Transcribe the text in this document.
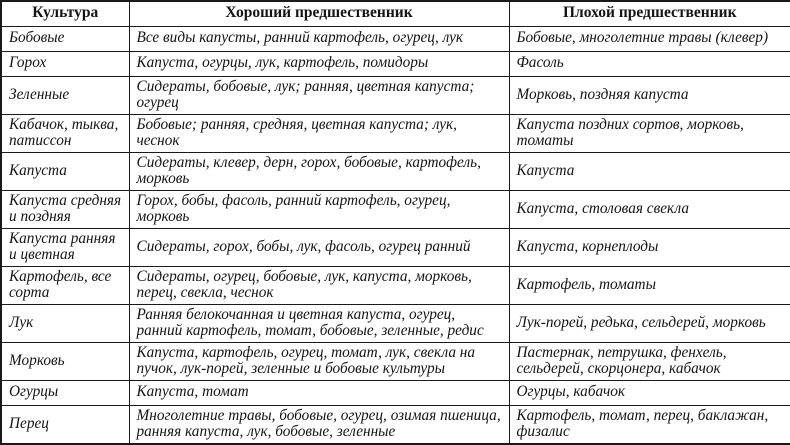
Культура	Хороший предшественник	Плохой предшественник
Бобовые	Все виды капусты, ранний картофель, огурец, лук	Бобовые, многолетние травы (клевер)
Горох	Капуста, огурцы, лук, картофель, помидоры	Фасоль
Зеленные	Сидераты, бобовые, лук; ранняя, цветная капуста; огурец	Морковь, поздняя капуста
Кабачок, тыква, патиссон	Бобовые; ранняя, средняя, цветная капуста; лук, чеснок	Капуста поздних сортов, морковь, томаты
Капуста	Сидераты, клевер, дерн, горох, бобовые, картофель, морковь	Капуста
Капуста средняя и поздняя	Горох, бобы, фасоль, ранний картофель, огурец, морковь	Капуста, столовая свекла
Капуста ранняя и цветная	Сидераты, горох, бобы, лук, фасоль, огурец ранний	Капуста, корнеплоды
Картофель, все сорта	Сидераты, огурец, бобовые, лук, капуста, морковь, перец, свекла, чеснок	Картофель, томаты
Лук	Ранняя белокочанная и цветная капуста, огурец, ранний картофель, томат, бобовые, зеленные, редис	Лук-порей, редька, сельдерей, морковь
Морковь	Капуста, картофель, огурец, томат, лук, свекла на пучок, лук-порей, зеленные и бобовые культуры	Пастернак, петрушка, фенхель, сельдерей, скорцонера, кабачок
Огурцы	Капуста, томат	Огурцы, кабачок
Перец	Многолетние травы, бобовые, огурец, озимая пшеница, ранняя капуста, лук, бобовые, зеленные	Картофель, томат, перец, баклажан, физалис
